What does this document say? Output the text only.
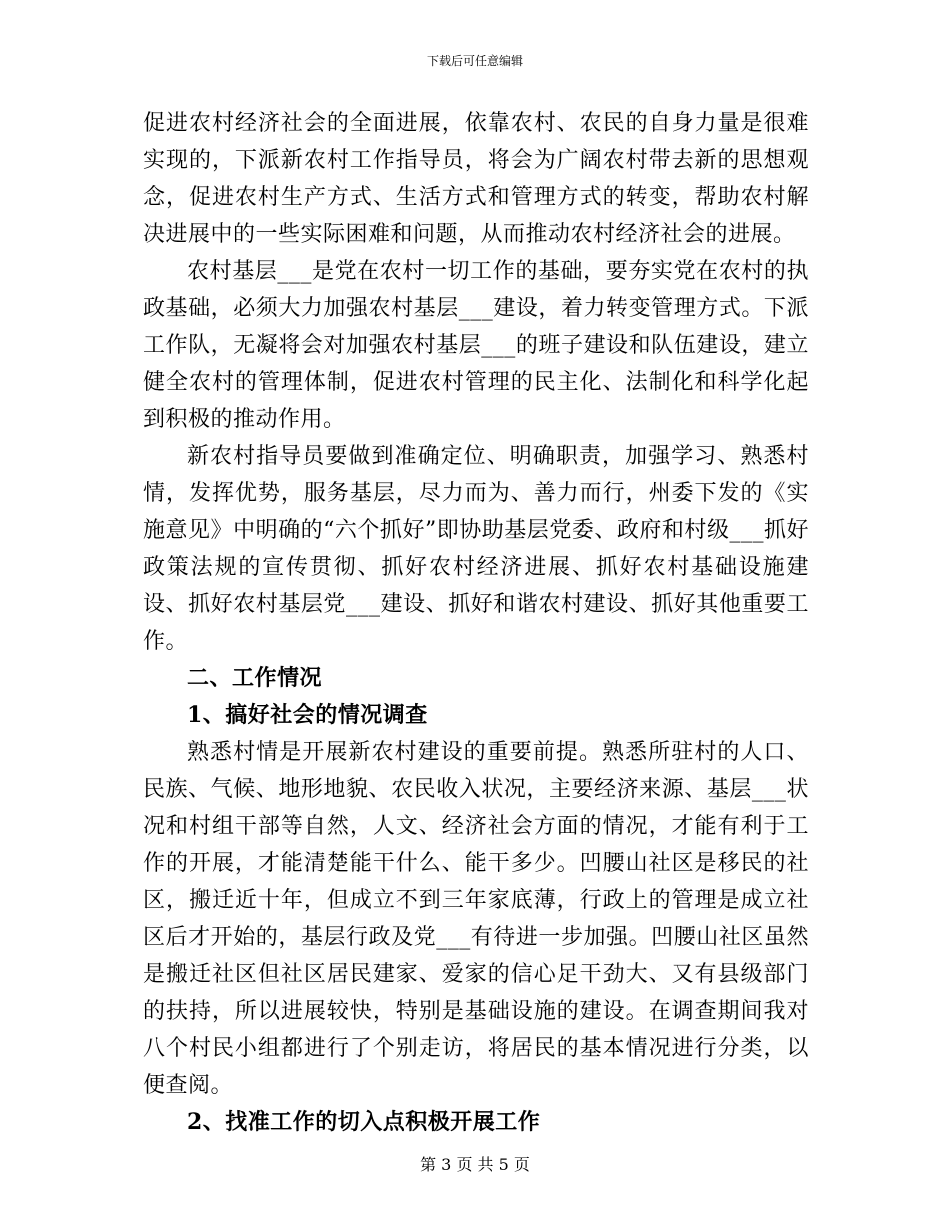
下载后可任意编辑

促进农村经济社会的全面进展，依靠农村、农民的自身力量是很难实现的，下派新农村工作指导员，将会为广阔农村带去新的思想观念，促进农村生产方式、生活方式和管理方式的转变，帮助农村解决进展中的一些实际困难和问题，从而推动农村经济社会的进展。

农村基层___是党在农村一切工作的基础，要夯实党在农村的执政基础，必须大力加强农村基层___建设，着力转变管理方式。下派工作队，无凝将会对加强农村基层___的班子建设和队伍建设，建立健全农村的管理体制，促进农村管理的民主化、法制化和科学化起到积极的推动作用。

新农村指导员要做到准确定位、明确职责，加强学习、熟悉村情，发挥优势，服务基层，尽力而为、善力而行，州委下发的《实施意见》中明确的“六个抓好”即协助基层党委、政府和村级___抓好政策法规的宣传贯彻、抓好农村经济进展、抓好农村基础设施建设、抓好农村基层党___建设、抓好和谐农村建设、抓好其他重要工作。

二、工作情况

1、搞好社会的情况调查

熟悉村情是开展新农村建设的重要前提。熟悉所驻村的人口、民族、气候、地形地貌、农民收入状况，主要经济来源、基层___状况和村组干部等自然，人文、经济社会方面的情况，才能有利于工作的开展，才能清楚能干什么、能干多少。凹腰山社区是移民的社区，搬迁近十年，但成立不到三年家底薄，行政上的管理是成立社区后才开始的，基层行政及党___有待进一步加强。凹腰山社区虽然是搬迁社区但社区居民建家、爱家的信心足干劲大、又有县级部门的扶持，所以进展较快，特别是基础设施的建设。在调查期间我对八个村民小组都进行了个别走访，将居民的基本情况进行分类，以便查阅。

2、找准工作的切入点积极开展工作

第 3 页 共 5 页
